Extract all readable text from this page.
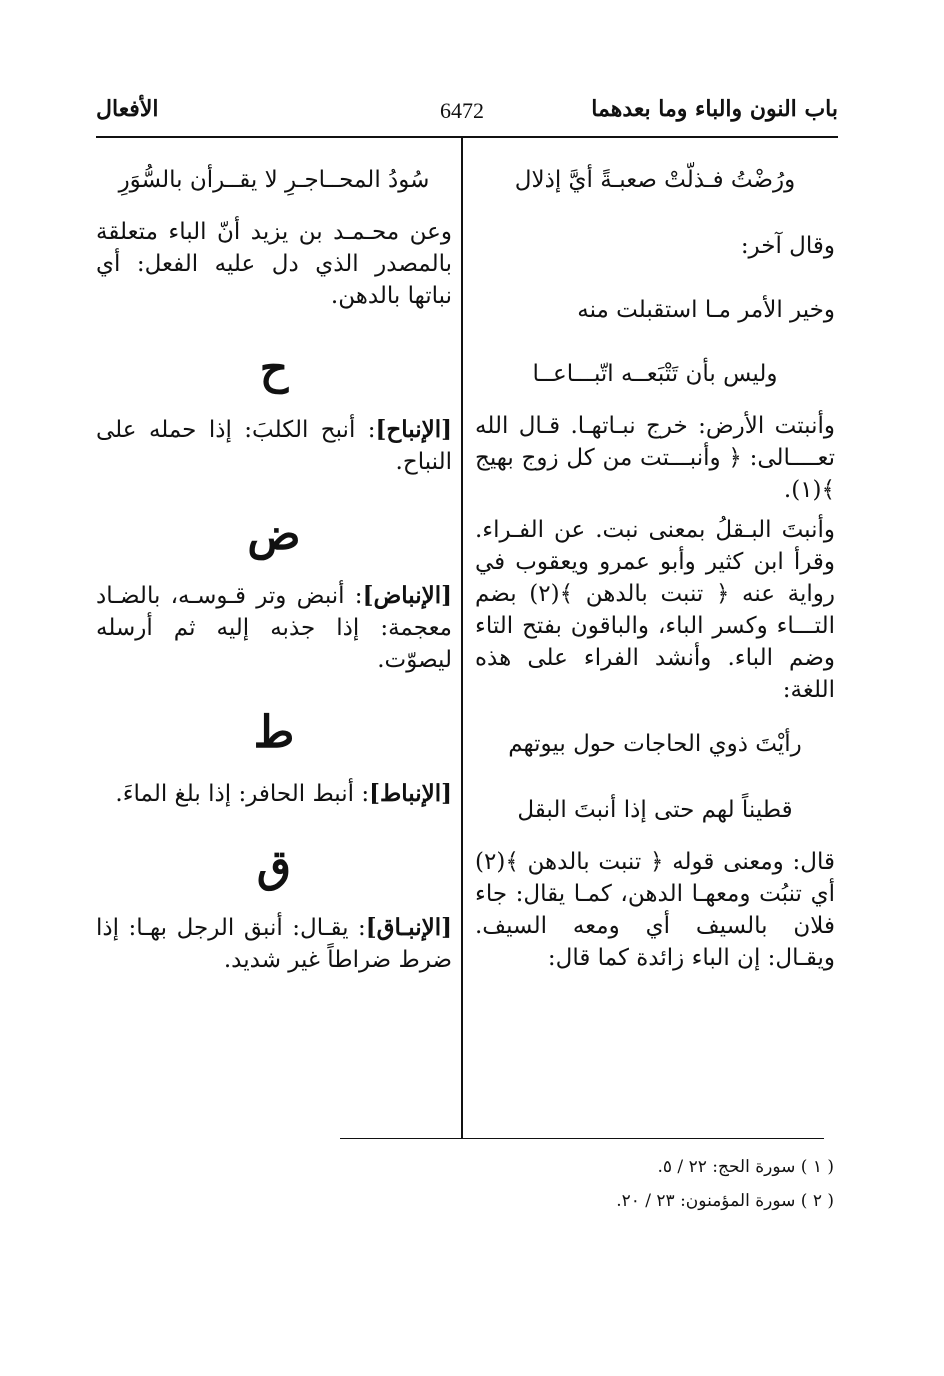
باب النون والباء وما بعدهما
6472
الأفعال

ورُضْتُ فـذلّتْ صعبـةً أيَّ إذلال

وقال آخر:

وخير الأمر مـا استقبلت منه

وليس بأن تَتْبَعــه اتّبـــاعــا

وأنبتت الأرض: خرج نبـاتهـا. قـال الله تعــــالى: ﴿ وأنبـــتت من كل زوج بهيج ﴾(١).

وأنبتَ البـقلُ بمعنى نبت. عن الفـراء. وقرأ ابن كثير وأبو عمرو ويعقوب في رواية عنه ﴿ تنبت بالدهن ﴾(٢) بضم التـــاء وكسر الباء، والباقون بفتح التاء وضم الباء. وأنشد الفراء على هذه اللغة:

رأيْتَ ذوي الحاجات حول بيوتهم

قطيناً لهم حتى إذا أنبتَ البقل

قال: ومعنى قوله ﴿ تنبت بالدهن ﴾(٢) أي تنبُت ومعهـا الدهن، كمـا يقال: جاء فلان بالسيف أي ومعه السيف. ويقـال: إن الباء زائدة كما قال:

سُودُ المحــاجـرِ لا يقــرأن بالسُّوَرِ

وعن محـمـد بن يزيد أنّ الباء متعلقة بالمصدر الذي دل عليه الفعل: أي نباتها بالدهن.

ح

[الإنباح]: أنبح الكلبَ: إذا حمله على النباح.

ض

[الإنباض]: أنبض وتر قـوسـه، بالضـاد معجمة: إذا جذبه إليه ثم أرسله ليصوّت.

ط

[الإنباط]: أنبط الحافر: إذا بلغ الماءَ.

ق

[الإنبـاق]: يقـال: أنبق الرجل بهـا: إذا ضرط ضراطاً غير شديد.

( ١ ) سورة الحج: ٢٢ / ٥.
( ٢ ) سورة المؤمنون: ٢٣ / ٢٠.
